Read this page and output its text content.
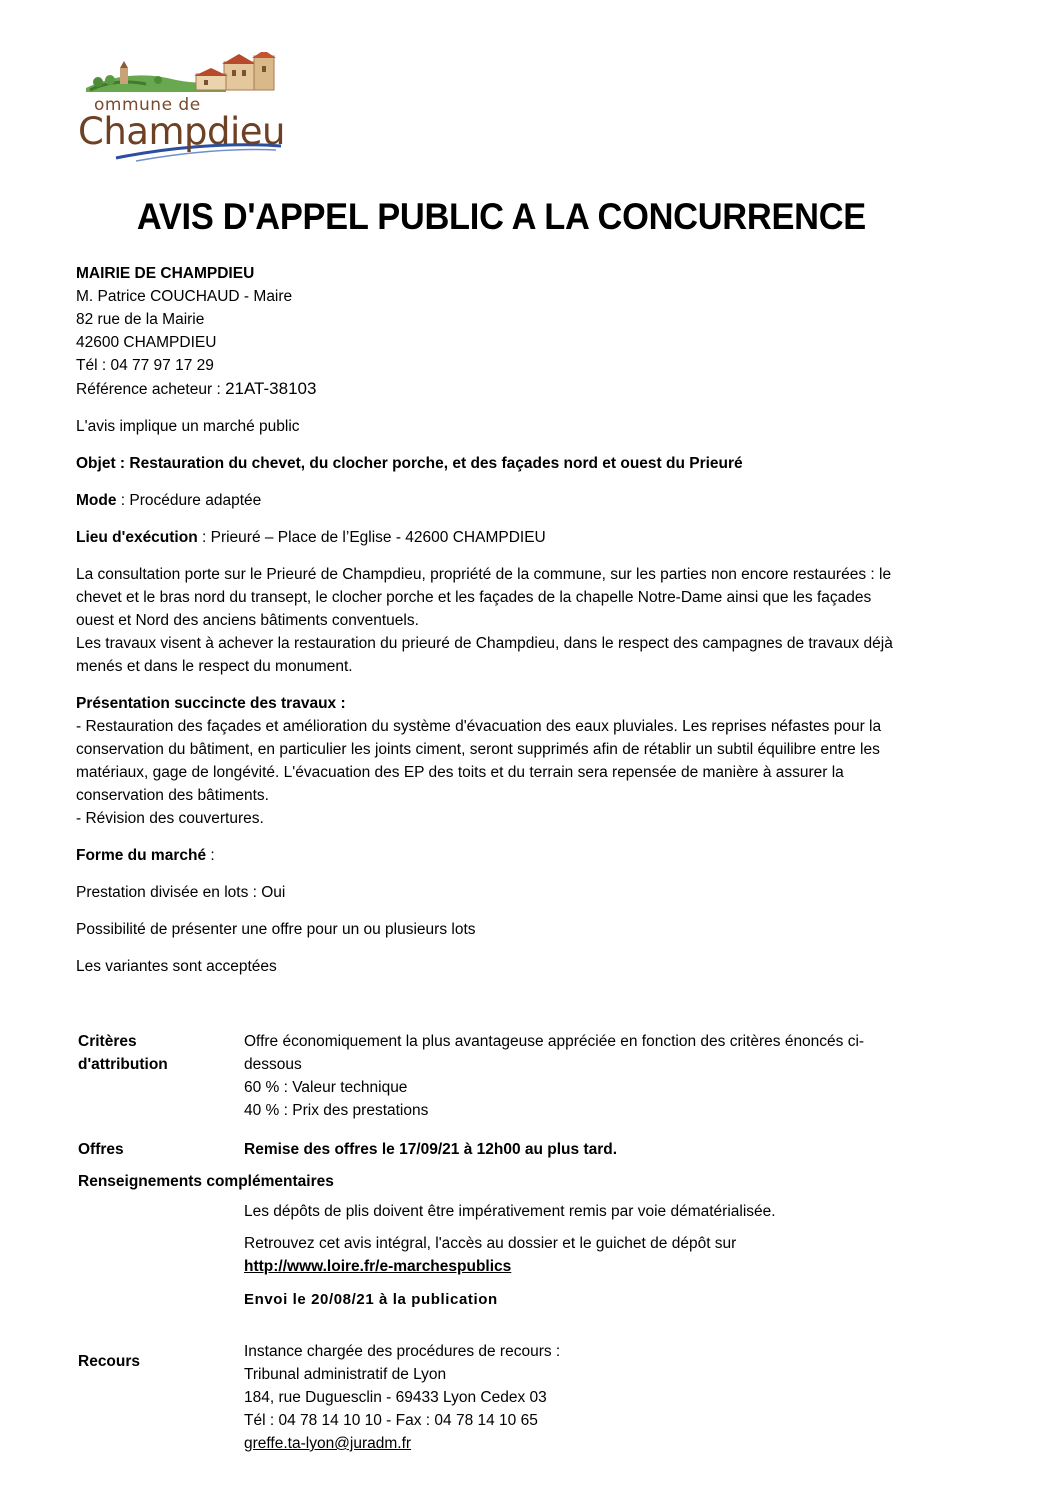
ommune de
Champdieu
AVIS D'APPEL PUBLIC A LA CONCURRENCE
MAIRIE DE CHAMPDIEU
M. Patrice COUCHAUD - Maire
82 rue de la Mairie
42600 CHAMPDIEU
Tél : 04 77 97 17 29
Référence acheteur : 21AT-38103
L'avis implique un marché public
Objet : Restauration du chevet, du clocher porche, et des façades nord et ouest du Prieuré
Mode : Procédure adaptée
Lieu d'exécution : Prieuré – Place de l’Eglise - 42600 CHAMPDIEU
La consultation porte sur le Prieuré de Champdieu, propriété de la commune, sur les parties non encore restaurées : le
chevet et le bras nord du transept, le clocher porche et les façades de la chapelle Notre-Dame ainsi que les façades
ouest et Nord des anciens bâtiments conventuels.
Les travaux visent à achever la restauration du prieuré de Champdieu, dans le respect des campagnes de travaux déjà
menés et dans le respect du monument.
Présentation succincte des travaux :
- Restauration des façades et amélioration du système d'évacuation des eaux pluviales. Les reprises néfastes pour la
conservation du bâtiment, en particulier les joints ciment, seront supprimés afin de rétablir un subtil équilibre entre les
matériaux, gage de longévité. L'évacuation des EP des toits et du terrain sera repensée de manière à assurer la
conservation des bâtiments.
- Révision des couvertures.
Forme du marché :
Prestation divisée en lots : Oui
Possibilité de présenter une offre pour un ou plusieurs lots
Les variantes sont acceptées
Critères
d'attribution
Offre économiquement la plus avantageuse appréciée en fonction des critères énoncés ci-
dessous
60 % : Valeur technique
40 % : Prix des prestations
Offres	Remise des offres le 17/09/21 à 12h00 au plus tard.
Renseignements complémentaires
Les dépôts de plis doivent être impérativement remis par voie dématérialisée.
Retrouvez cet avis intégral, l'accès au dossier et le guichet de dépôt sur
http://www.loire.fr/e-marchespublics
Envoi le 20/08/21 à la publication
Recours
Instance chargée des procédures de recours :
Tribunal administratif de Lyon
184, rue Duguesclin - 69433 Lyon Cedex 03
Tél : 04 78 14 10 10 - Fax : 04 78 14 10 65
greffe.ta-lyon@juradm.fr
